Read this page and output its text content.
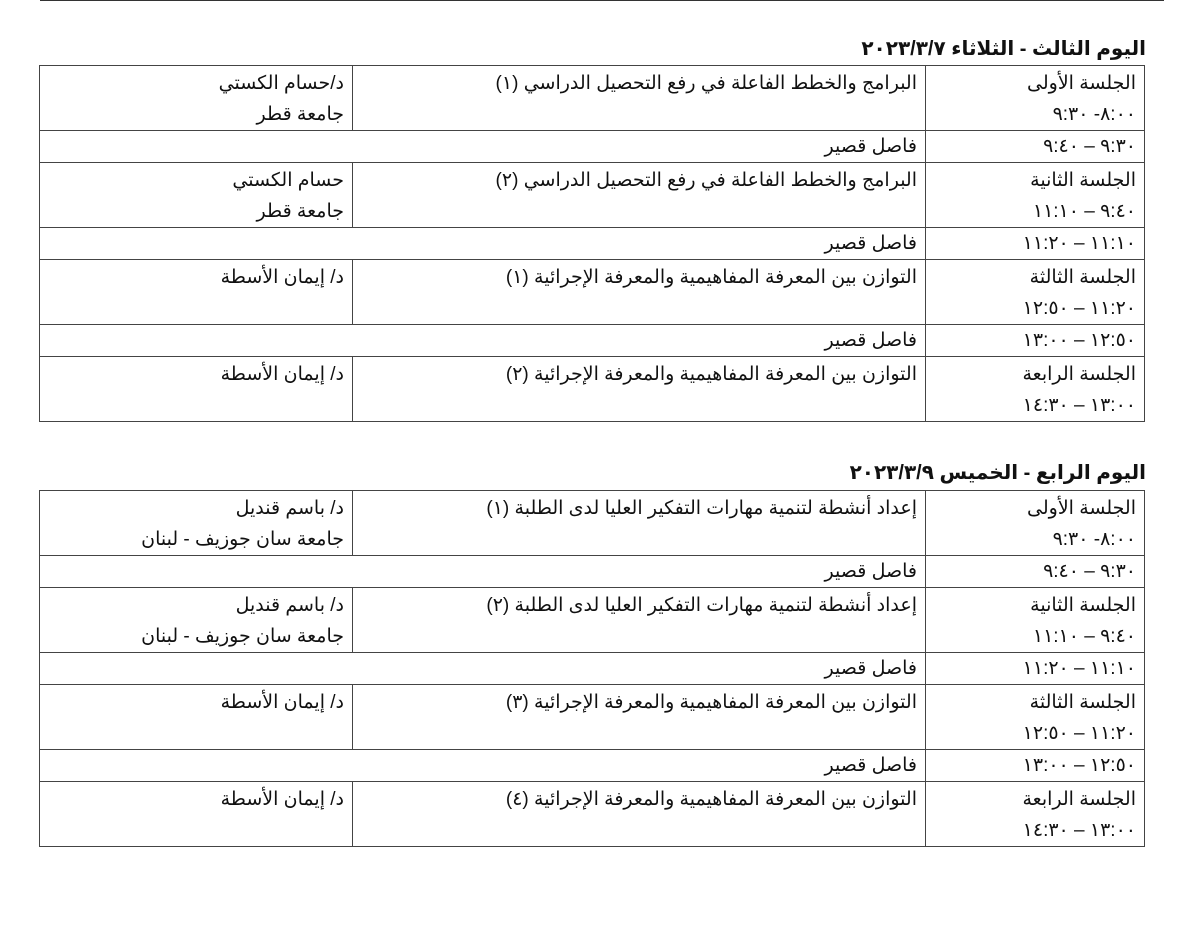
اليوم الثالث - الثلاثاء ٢٠٢٣/٣/٧
الجلسة الأولى
٨:٠٠- ٩:٣٠	البرامج والخطط الفاعلة في رفع التحصيل الدراسي (١)	د/حسام الكستي
جامعة قطر

٩:٣٠ – ٩:٤٠	فاصل قصير	

الجلسة الثانية
٩:٤٠ – ١١:١٠	البرامج والخطط الفاعلة في رفع التحصيل الدراسي (٢)	حسام الكستي
جامعة قطر

١١:١٠ – ١١:٢٠	فاصل قصير	

الجلسة الثالثة
١١:٢٠ – ١٢:٥٠	التوازن بين المعرفة المفاهيمية والمعرفة الإجرائية (١)	د/ إيمان الأسطة

١٢:٥٠ – ١٣:٠٠	فاصل قصير	

الجلسة الرابعة
١٣:٠٠ – ١٤:٣٠	التوازن بين المعرفة المفاهيمية والمعرفة الإجرائية (٢)	د/ إيمان الأسطة
اليوم الرابع - الخميس ٢٠٢٣/٣/٩
الجلسة الأولى
٨:٠٠- ٩:٣٠	إعداد أنشطة لتنمية مهارات التفكير العليا لدى الطلبة (١)	د/ باسم قنديل
جامعة سان جوزيف - لبنان

٩:٣٠ – ٩:٤٠	فاصل قصير	

الجلسة الثانية
٩:٤٠ – ١١:١٠	إعداد أنشطة لتنمية مهارات التفكير العليا لدى الطلبة (٢)	د/ باسم قنديل
جامعة سان جوزيف - لبنان

١١:١٠ – ١١:٢٠	فاصل قصير	

الجلسة الثالثة
١١:٢٠ – ١٢:٥٠	التوازن بين المعرفة المفاهيمية والمعرفة الإجرائية (٣)	د/ إيمان الأسطة

١٢:٥٠ – ١٣:٠٠	فاصل قصير	

الجلسة الرابعة
١٣:٠٠ – ١٤:٣٠	التوازن بين المعرفة المفاهيمية والمعرفة الإجرائية (٤)	د/ إيمان الأسطة
